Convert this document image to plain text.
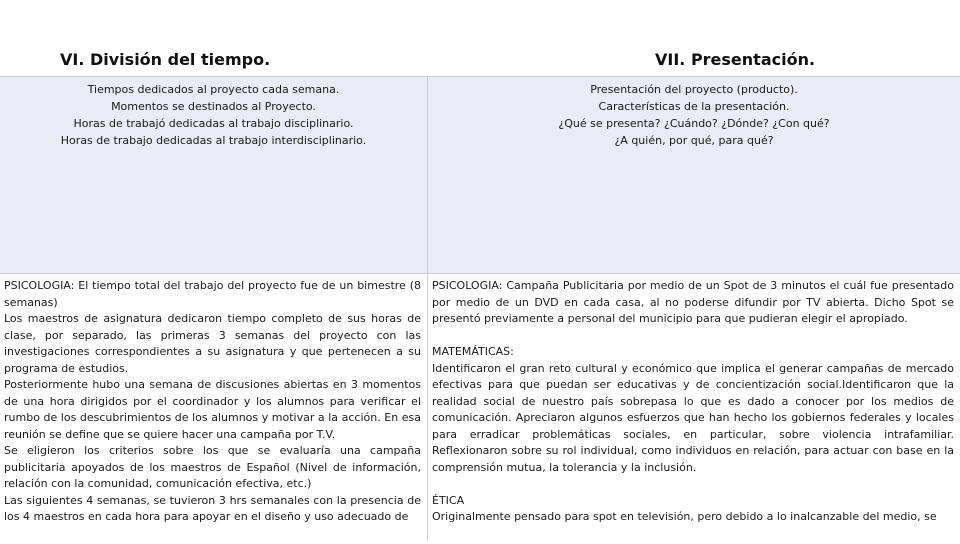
VI. División del tiempo.	VII. Presentación.
Tiempos dedicados al proyecto cada semana.
Momentos se destinados al Proyecto.
Horas de trabajó dedicadas al trabajo disciplinario.
Horas de trabajo dedicadas al trabajo interdisciplinario.
Presentación del proyecto (producto).
Características de la presentación.
¿Qué se presenta? ¿Cuándo? ¿Dónde? ¿Con qué?
¿A quién, por qué, para qué?

PSICOLOGIA: El tiempo total del trabajo del proyecto fue de un bimestre (8 semanas)

Los maestros de asignatura dedicaron tiempo completo de sus horas de clase, por separado, las primeras 3 semanas del proyecto con las investigaciones correspondientes a su asignatura y que pertenecen a su programa de estudios.

Posteriormente hubo una semana de discusiones abiertas en 3 momentos de una hora dirigidos por el coordinador y los alumnos para verificar el rumbo de los descubrimientos de los alumnos y motivar a la acción. En esa reunión se define que se quiere hacer una campaña por T.V.

Se eligieron los criterios sobre los que se evaluaría una campaña publicitaria apoyados de los maestros de Español (Nivel de información, relación con la comunidad, comunicación efectiva, etc.)

Las siguientes 4 semanas, se tuvieron 3 hrs semanales con la presencia de los 4 maestros en cada hora para apoyar en el diseño y uso adecuado de

PSICOLOGIA: Campaña Publicitaria por medio de un Spot de 3 minutos el cuál fue presentado por medio de un DVD en cada casa, al no poderse difundir por TV abierta. Dicho Spot se presentó previamente a personal del municipio para que pudieran elegir el apropiado.

MATEMÁTICAS:

Identificaron el gran reto cultural y económico que implica el generar campañas de mercado efectivas para que puedan ser educativas y de concientización social.Identificaron que la realidad social de nuestro país sobrepasa lo que es dado a conocer por los medios de comunicación. Apreciaron algunos esfuerzos que han hecho los gobiernos federales y locales para erradicar problemáticas sociales, en particular, sobre violencia intrafamiliar. Reflexionaron sobre su rol individual, como individuos en relación, para actuar con base en la comprensión mutua, la tolerancia y la inclusión.

ÉTICA

Originalmente pensado para spot en televisión, pero debido a lo inalcanzable del medio, se
